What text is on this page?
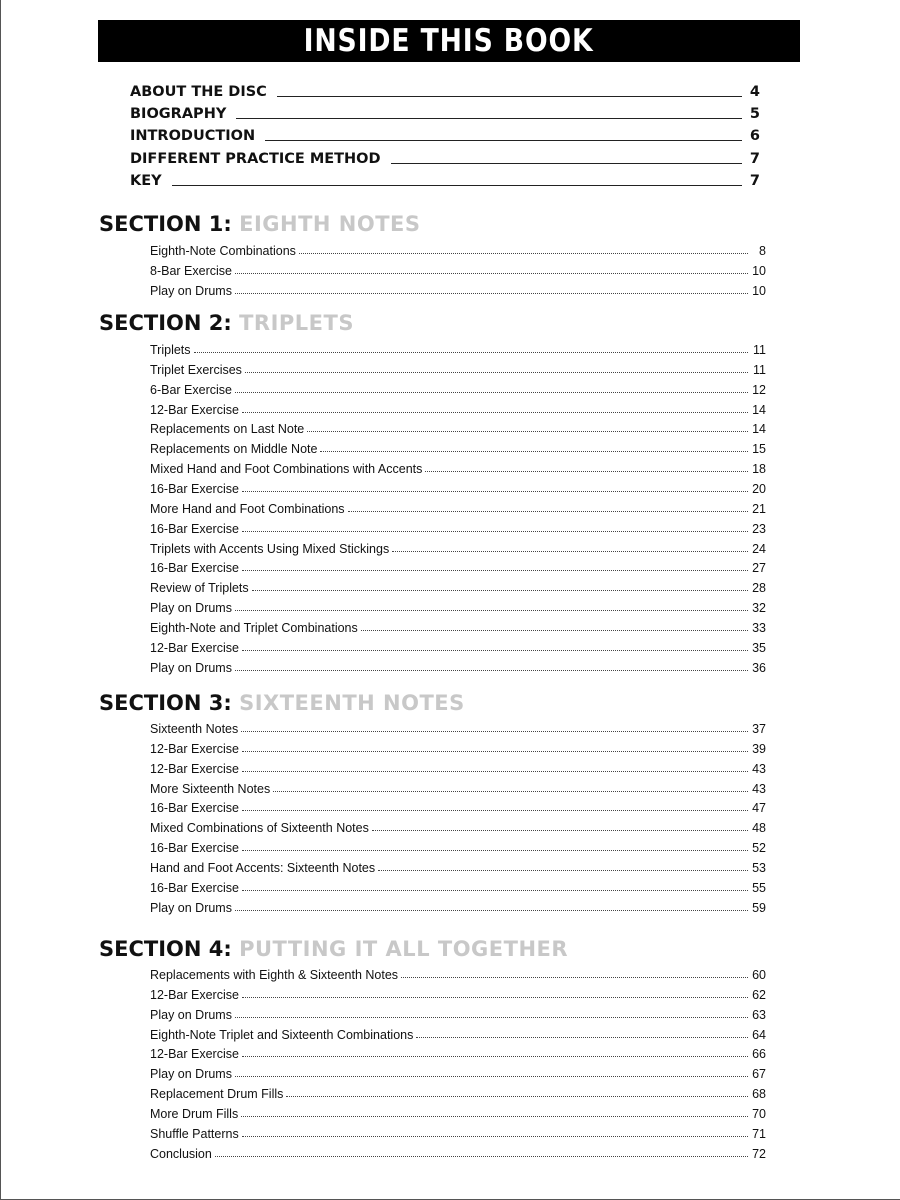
INSIDE THIS BOOK
ABOUT THE DISC	4
BIOGRAPHY	5
INTRODUCTION	6
DIFFERENT PRACTICE METHOD	7
KEY	7
SECTION 1: EIGHTH NOTES
Eighth-Note Combinations	8
8-Bar Exercise	10
Play on Drums	10
SECTION 2: TRIPLETS
Triplets	11
Triplet Exercises	11
6-Bar Exercise	12
12-Bar Exercise	14
Replacements on Last Note	14
Replacements on Middle Note	15
Mixed Hand and Foot Combinations with Accents	18
16-Bar Exercise	20
More Hand and Foot Combinations	21
16-Bar Exercise	23
Triplets with Accents Using Mixed Stickings	24
16-Bar Exercise	27
Review of Triplets	28
Play on Drums	32
Eighth-Note and Triplet Combinations	33
12-Bar Exercise	35
Play on Drums	36
SECTION 3: SIXTEENTH NOTES
Sixteenth Notes	37
12-Bar Exercise	39
12-Bar Exercise	43
More Sixteenth Notes	43
16-Bar Exercise	47
Mixed Combinations of Sixteenth Notes	48
16-Bar Exercise	52
Hand and Foot Accents: Sixteenth Notes	53
16-Bar Exercise	55
Play on Drums	59
SECTION 4: PUTTING IT ALL TOGETHER
Replacements with Eighth & Sixteenth Notes	60
12-Bar Exercise	62
Play on Drums	63
Eighth-Note Triplet and Sixteenth Combinations	64
12-Bar Exercise	66
Play on Drums	67
Replacement Drum Fills	68
More Drum Fills	70
Shuffle Patterns	71
Conclusion	72
